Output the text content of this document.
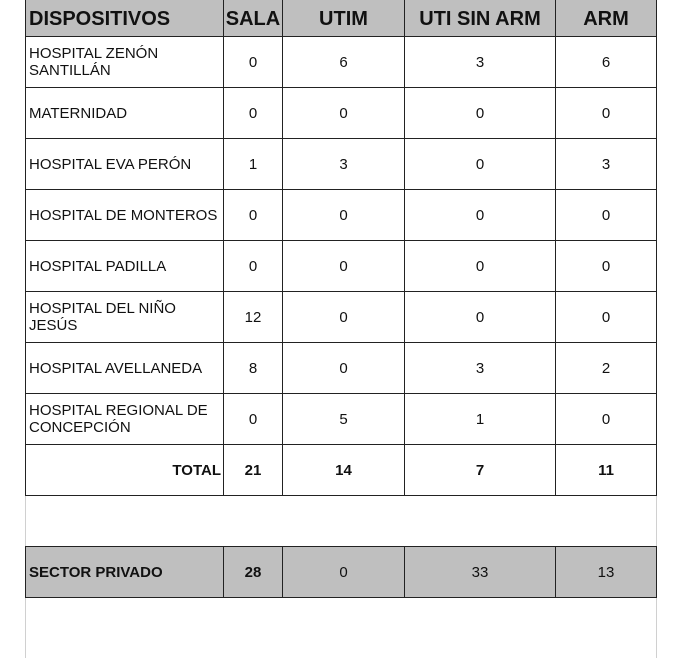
DISPOSITIVOS	SALA	UTIM	UTI SIN ARM	ARM
HOSPITAL ZENÓN SANTILLÁN	0	6	3	6
MATERNIDAD	0	0	0	0
HOSPITAL EVA PERÓN	1	3	0	3
HOSPITAL DE MONTEROS	0	0	0	0
HOSPITAL PADILLA	0	0	0	0
HOSPITAL DEL NIÑO JESÚS	12	0	0	0
HOSPITAL AVELLANEDA	8	0	3	2
HOSPITAL REGIONAL DE CONCEPCIÓN	0	5	1	0
TOTAL	21	14	7	11

SECTOR PRIVADO	28	0	33	13
